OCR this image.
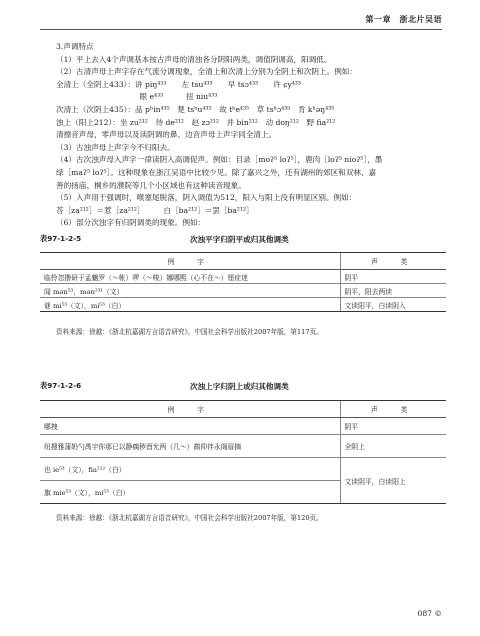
第一章　浙北片吴语
3.声调特点
（1）平上去入4个声调基本按古声母的清浊各分阴阳两类，调值阴调高，阳调低。
（2）古清声母上声字存在气流分调现象，全清上和次清上分别为全阴上和次阴上。例如：
全清上（全阴上433）：讲 piŋ⁴³³　　左 tsu⁴³³　　早 tsɔ⁴³³　　许 ɕy⁴³³
　　　　　　　　　　　眼 e⁴³³　　　扭 niu⁴³³
次清上（次阴上435）：品 pʰin⁴³⁵　楚 tsʰu⁴³⁵　故 tʰe⁴³⁵　草 tsʰɔ⁴³⁵　肯 kʰəŋ⁴³⁵
浊上（阳上212）：坐 zu²¹²　待 de²¹²　赵 zɔ²¹²　并 bin²¹²　动 doŋ²¹²　野 fia²¹²
清擦音声母，零声母以及读阴调的鼻、边音声母上声字同全清上。
（3）古浊声母上声字今不归阳去。
（4）古次浊声母入声字一律读阴入高调促声。例如：目录［moʔ⁵ loʔ⁵］，鹿肉［loʔ⁵ nioʔ⁵］，墨
绿［maʔ⁵ loʔ⁵］。这种现象在浙江吴语中比较少见。除了嘉兴之外，还有湖州的郊区和双林、嘉
善的扬庙、桐乡的濮院等几个小区域也有这种读音现象。
（5）入声用于强调时，喉塞尾脱落，阴入调值为512，阳入与阳上没有明显区别。例如：
荅［za²¹²］＝惹［za²¹²］　　　白［ba²¹²］＝罢［ba²¹²］
（6）部分次浊字有归阴调类的现象。例如：
表97-1-2-5	次浊平字归阴平或归其他调类
例　字	声　类
临拎忽撸研于孟魍罗（～帐）啰（～唆）娜哪熙（心不在～）厘症迷	阴平
闻 mən⁵³，mən²³¹（文）	阴平，阳去两读
谜 mi⁵³（文），mi⁵³（白）	文读阳平，白读阴入
资料来源：徐越：《浙北杭嘉湖方言语音研究》，中国社会科学出版社2007年版，第117页。
表97-1-2-6	次浊上字归阴上或归其他调类
例　字	声　类
哪拽	阴平
纽搜雅蒲奶勺禹宇你那已以静瘸秽酉允两（几～）鹉仰伴永阁眉摘	全阴上
也 ie⁵³（文），fia²¹²（白）	文读阴平，白读阳上
旗 mie⁵³（文），mi⁵³（白）	
资料来源：徐越：《浙北杭嘉湖方言语音研究》，中国社会科学出版社2007年版，第120页。
087 ©
